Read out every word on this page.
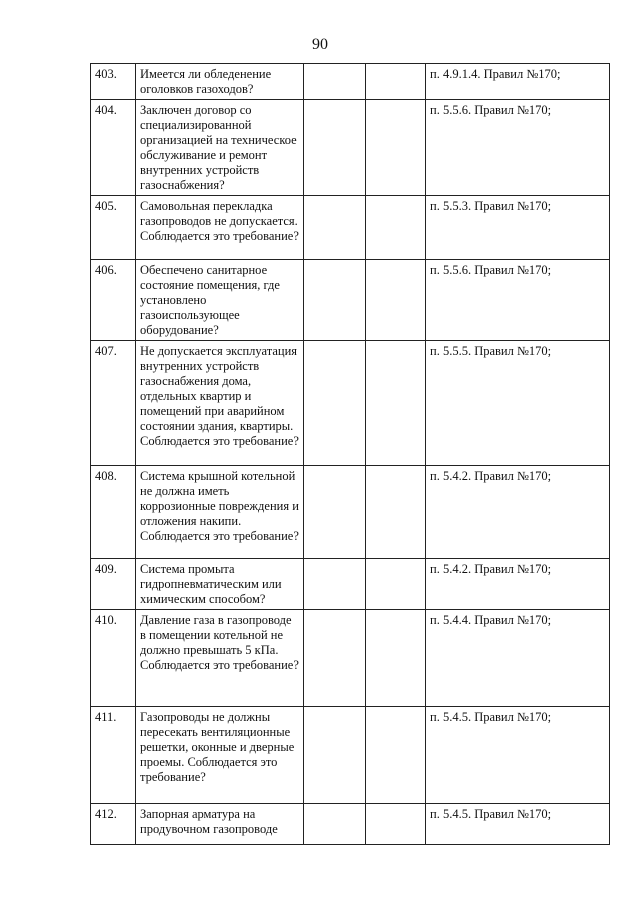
90
403.	Имеется ли обледенение оголовков газоходов?			п. 4.9.1.4. Правил №170;
404.	Заключен договор со специализированной организацией на техническое обслуживание и ремонт внутренних устройств газоснабжения?			п. 5.5.6. Правил №170;
405.	Самовольная перекладка газопроводов не допускается. Соблюдается это требование?			п. 5.5.3. Правил №170;
406.	Обеспечено санитарное состояние помещения, где установлено газоиспользующее оборудование?			п. 5.5.6. Правил №170;
407.	Не допускается эксплуатация внутренних устройств газоснабжения дома, отдельных квартир и помещений при аварийном состоянии здания, квартиры. Соблюдается это требование?			п. 5.5.5. Правил №170;
408.	Система крышной котельной не должна иметь коррозионные повреждения и отложения накипи. Соблюдается это требование?			п. 5.4.2. Правил №170;
409.	Система промыта гидропневматическим или химическим способом?			п. 5.4.2. Правил №170;
410.	Давление газа в газопроводе в помещении котельной не должно превышать 5 кПа. Соблюдается это требование?			п. 5.4.4. Правил №170;
411.	Газопроводы не должны пересекать вентиляционные решетки, оконные и дверные проемы. Соблюдается это требование?			п. 5.4.5. Правил №170;
412.	Запорная арматура на продувочном газопроводе			п. 5.4.5. Правил №170;
